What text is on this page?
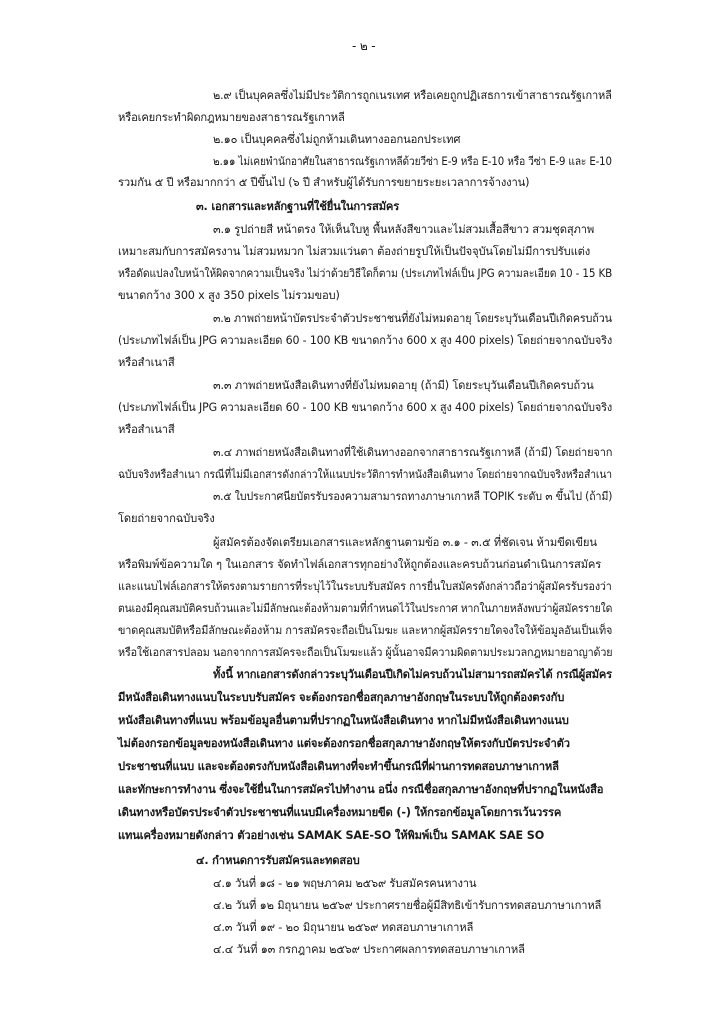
- ๒ -

๒.๙ เป็นบุคคลซึ่งไม่มีประวัติการถูกเนรเทศ หรือเคยถูกปฏิเสธการเข้าสาธารณรัฐเกาหลี

หรือเคยกระทำผิดกฎหมายของสาธารณรัฐเกาหลี

๒.๑๐ เป็นบุคคลซึ่งไม่ถูกห้ามเดินทางออกนอกประเทศ

๒.๑๑ ไม่เคยพำนักอาศัยในสาธารณรัฐเกาหลีด้วยวีซ่า E-9 หรือ E-10 หรือ วีซ่า E-9 และ E-10

รวมกัน ๕ ปี หรือมากกว่า ๕ ปีขึ้นไป (๖ ปี สำหรับผู้ได้รับการขยายระยะเวลาการจ้างงาน)

๓. เอกสารและหลักฐานที่ใช้ยื่นในการสมัคร

๓.๑ รูปถ่ายสี หน้าตรง ให้เห็นใบหู พื้นหลังสีขาวและไม่สวมเสื้อสีขาว สวมชุดสุภาพ

เหมาะสมกับการสมัครงาน ไม่สวมหมวก ไม่สวมแว่นตา ต้องถ่ายรูปให้เป็นปัจจุบันโดยไม่มีการปรับแต่ง

หรือดัดแปลงใบหน้าให้ผิดจากความเป็นจริง ไม่ว่าด้วยวิธีใดก็ตาม (ประเภทไฟล์เป็น JPG ความละเอียด 10 - 15 KB

ขนาดกว้าง 300 x สูง 350 pixels ไม่รวมขอบ)

๓.๒ ภาพถ่ายหน้าบัตรประจำตัวประชาชนที่ยังไม่หมดอายุ โดยระบุวันเดือนปีเกิดครบถ้วน

(ประเภทไฟล์เป็น JPG ความละเอียด 60 - 100 KB ขนาดกว้าง 600 x สูง 400 pixels) โดยถ่ายจากฉบับจริง

หรือสำเนาสี

๓.๓ ภาพถ่ายหนังสือเดินทางที่ยังไม่หมดอายุ (ถ้ามี) โดยระบุวันเดือนปีเกิดครบถ้วน

(ประเภทไฟล์เป็น JPG ความละเอียด 60 - 100 KB ขนาดกว้าง 600 x สูง 400 pixels) โดยถ่ายจากฉบับจริง

หรือสำเนาสี

๓.๔ ภาพถ่ายหนังสือเดินทางที่ใช้เดินทางออกจากสาธารณรัฐเกาหลี (ถ้ามี) โดยถ่ายจาก

ฉบับจริงหรือสำเนา กรณีที่ไม่มีเอกสารดังกล่าวให้แนบประวัติการทำหนังสือเดินทาง โดยถ่ายจากฉบับจริงหรือสำเนา

๓.๕ ใบประกาศนียบัตรรับรองความสามารถทางภาษาเกาหลี TOPIK ระดับ ๓ ขึ้นไป (ถ้ามี)

โดยถ่ายจากฉบับจริง

ผู้สมัครต้องจัดเตรียมเอกสารและหลักฐานตามข้อ ๓.๑ - ๓.๕ ที่ชัดเจน ห้ามขีดเขียน

หรือพิมพ์ข้อความใด ๆ ในเอกสาร จัดทำไฟล์เอกสารทุกอย่างให้ถูกต้องและครบถ้วนก่อนดำเนินการสมัคร

และแนบไฟล์เอกสารให้ตรงตามรายการที่ระบุไว้ในระบบรับสมัคร การยื่นใบสมัครดังกล่าวถือว่าผู้สมัครรับรองว่า

ตนเองมีคุณสมบัติครบถ้วนและไม่มีลักษณะต้องห้ามตามที่กำหนดไว้ในประกาศ หากในภายหลังพบว่าผู้สมัครรายใด

ขาดคุณสมบัติหรือมีลักษณะต้องห้าม การสมัครจะถือเป็นโมฆะ และหากผู้สมัครรายใดจงใจให้ข้อมูลอันเป็นเท็จ

หรือใช้เอกสารปลอม นอกจากการสมัครจะถือเป็นโมฆะแล้ว ผู้นั้นอาจมีความผิดตามประมวลกฎหมายอาญาด้วย

ทั้งนี้ หากเอกสารดังกล่าวระบุวันเดือนปีเกิดไม่ครบถ้วนไม่สามารถสมัครได้ กรณีผู้สมัคร

มีหนังสือเดินทางแนบในระบบรับสมัคร จะต้องกรอกชื่อสกุลภาษาอังกฤษในระบบให้ถูกต้องตรงกับ

หนังสือเดินทางที่แนบ พร้อมข้อมูลอื่นตามที่ปรากฏในหนังสือเดินทาง หากไม่มีหนังสือเดินทางแนบ

ไม่ต้องกรอกข้อมูลของหนังสือเดินทาง แต่จะต้องกรอกชื่อสกุลภาษาอังกฤษให้ตรงกับบัตรประจำตัว

ประชาชนที่แนบ และจะต้องตรงกับหนังสือเดินทางที่จะทำขึ้นกรณีที่ผ่านการทดสอบภาษาเกาหลี

และทักษะการทำงาน ซึ่งจะใช้ยื่นในการสมัครไปทำงาน อนึ่ง กรณีชื่อสกุลภาษาอังกฤษที่ปรากฏในหนังสือ

เดินทางหรือบัตรประจำตัวประชาชนที่แนบมีเครื่องหมายขีด (-) ให้กรอกข้อมูลโดยการเว้นวรรค

แทนเครื่องหมายดังกล่าว ตัวอย่างเช่น SAMAK SAE-SO ให้พิมพ์เป็น SAMAK SAE SO

๔. กำหนดการรับสมัครและทดสอบ

๔.๑ วันที่ ๑๘ - ๒๑ พฤษภาคม ๒๕๖๙ รับสมัครคนหางาน

๔.๒ วันที่ ๑๒ มิถุนายน ๒๕๖๙ ประกาศรายชื่อผู้มีสิทธิเข้ารับการทดสอบภาษาเกาหลี

๔.๓ วันที่ ๑๙ - ๒๐ มิถุนายน ๒๕๖๙ ทดสอบภาษาเกาหลี

๔.๔ วันที่ ๑๓ กรกฎาคม ๒๕๖๙ ประกาศผลการทดสอบภาษาเกาหลี
